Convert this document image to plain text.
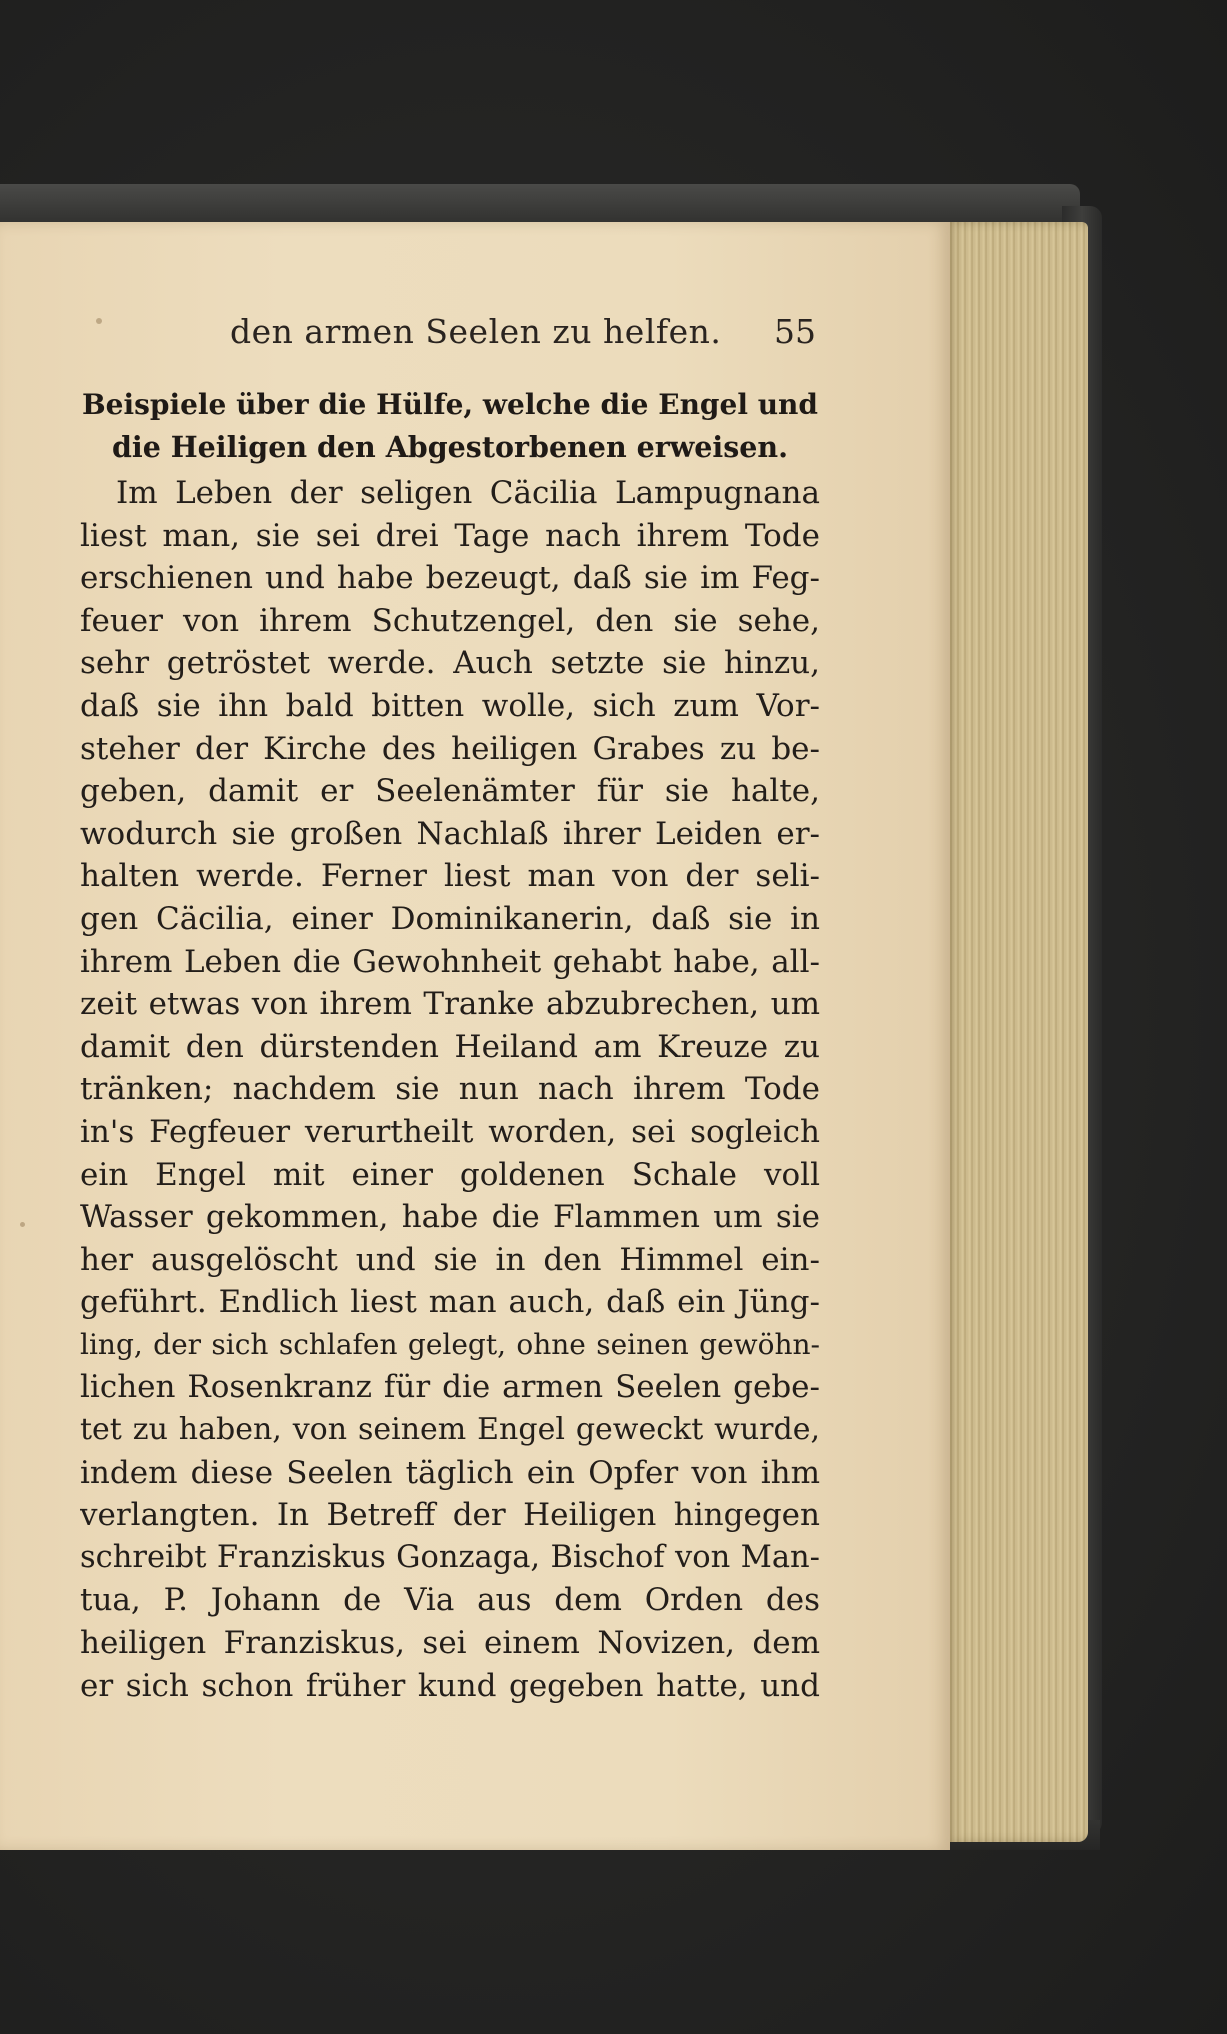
den armen Seelen zu helfen. 55
Beispiele über die Hülfe, welche die Engel und
die Heiligen den Abgestorbenen erweisen.
Im Leben der seligen Cäcilia Lampugnana
liest man, sie sei drei Tage nach ihrem Tode
erschienen und habe bezeugt, daß sie im Feg-
feuer von ihrem Schutzengel, den sie sehe,
sehr getröstet werde. Auch setzte sie hinzu,
daß sie ihn bald bitten wolle, sich zum Vor-
steher der Kirche des heiligen Grabes zu be-
geben, damit er Seelenämter für sie halte,
wodurch sie großen Nachlaß ihrer Leiden er-
halten werde. Ferner liest man von der seli-
gen Cäcilia, einer Dominikanerin, daß sie in
ihrem Leben die Gewohnheit gehabt habe, all-
zeit etwas von ihrem Tranke abzubrechen, um
damit den dürstenden Heiland am Kreuze zu
tränken; nachdem sie nun nach ihrem Tode
in's Fegfeuer verurtheilt worden, sei sogleich
ein Engel mit einer goldenen Schale voll
Wasser gekommen, habe die Flammen um sie
her ausgelöscht und sie in den Himmel ein-
geführt. Endlich liest man auch, daß ein Jüng-
ling, der sich schlafen gelegt, ohne seinen gewöhn-
lichen Rosenkranz für die armen Seelen gebe-
tet zu haben, von seinem Engel geweckt wurde,
indem diese Seelen täglich ein Opfer von ihm
verlangten. In Betreff der Heiligen hingegen
schreibt Franziskus Gonzaga, Bischof von Man-
tua, P. Johann de Via aus dem Orden des
heiligen Franziskus, sei einem Novizen, dem
er sich schon früher kund gegeben hatte, und
